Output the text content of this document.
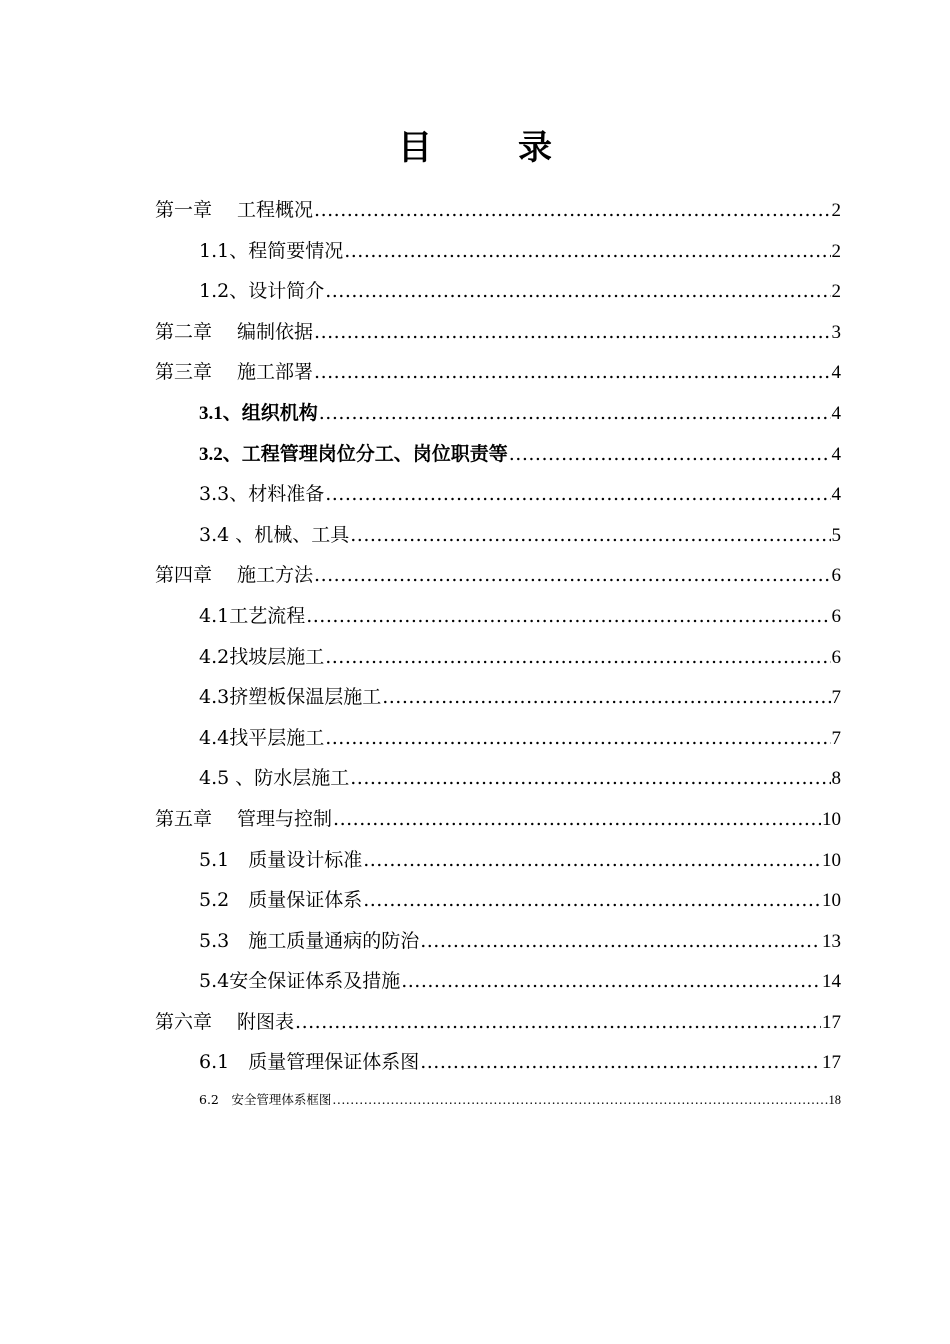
目　录
第一章　 工程概况 .....	2
1.1、程简要情况 .....	2
1.2、设计简介 .....	2
第二章　 编制依据 .....	3
第三章　 施工部署 .....	4
3.1、组织机构 .....	4
3.2、工程管理岗位分工、岗位职责等 .....	4
3.3、材料准备 .....	4
3.4 、机械、工具 .....	5
第四章　 施工方法 .....	6
4.1工艺流程 .....	6
4.2找坡层施工 .....	6
4.3挤塑板保温层施工 .....	7
4.4找平层施工 .....	7
4.5 、防水层施工 .....	8
第五章　 管理与控制 .....	10
5.1　质量设计标准 .....	10
5.2　质量保证体系 .....	10
5.3　施工质量通病的防治 .....	13
5.4安全保证体系及措施 .....	14
第六章　 附图表 .....	17
6.1　质量管理保证体系图 .....	17
6.2　安全管理体系框图 .....	18
